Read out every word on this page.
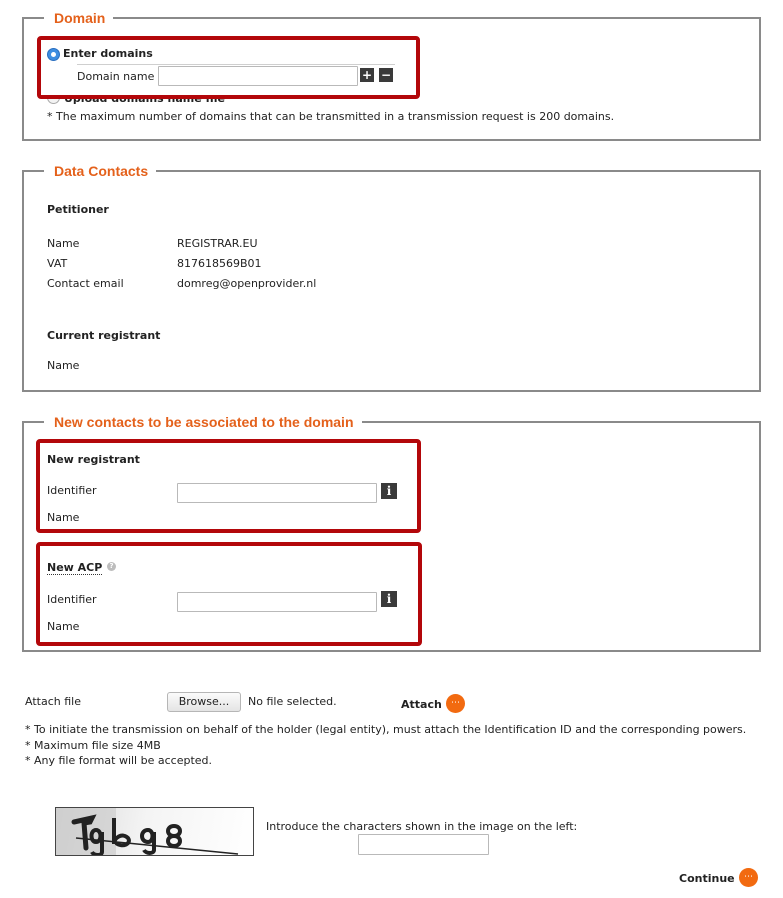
Domain
Enter domains
Domain name	+ −
* The maximum number of domains that can be transmitted in a transmission request is 200 domains.
Data Contacts
Petitioner
Name	REGISTRAR.EU
VAT	817618569B01
Contact email	domreg@openprovider.nl
Current registrant
Name
New contacts to be associated to the domain
New registrant
Identifier	i
Name
New ACP	?
Identifier	i
Name
Attach file	Browse...	No file selected.	Attach	⋯
* To initiate the transmission on behalf of the holder (legal entity), must attach the Identification ID and the corresponding powers.
* Maximum file size 4MB
* Any file format will be accepted.
Introduce the characters shown in the image on the left:
Continue	⋯
